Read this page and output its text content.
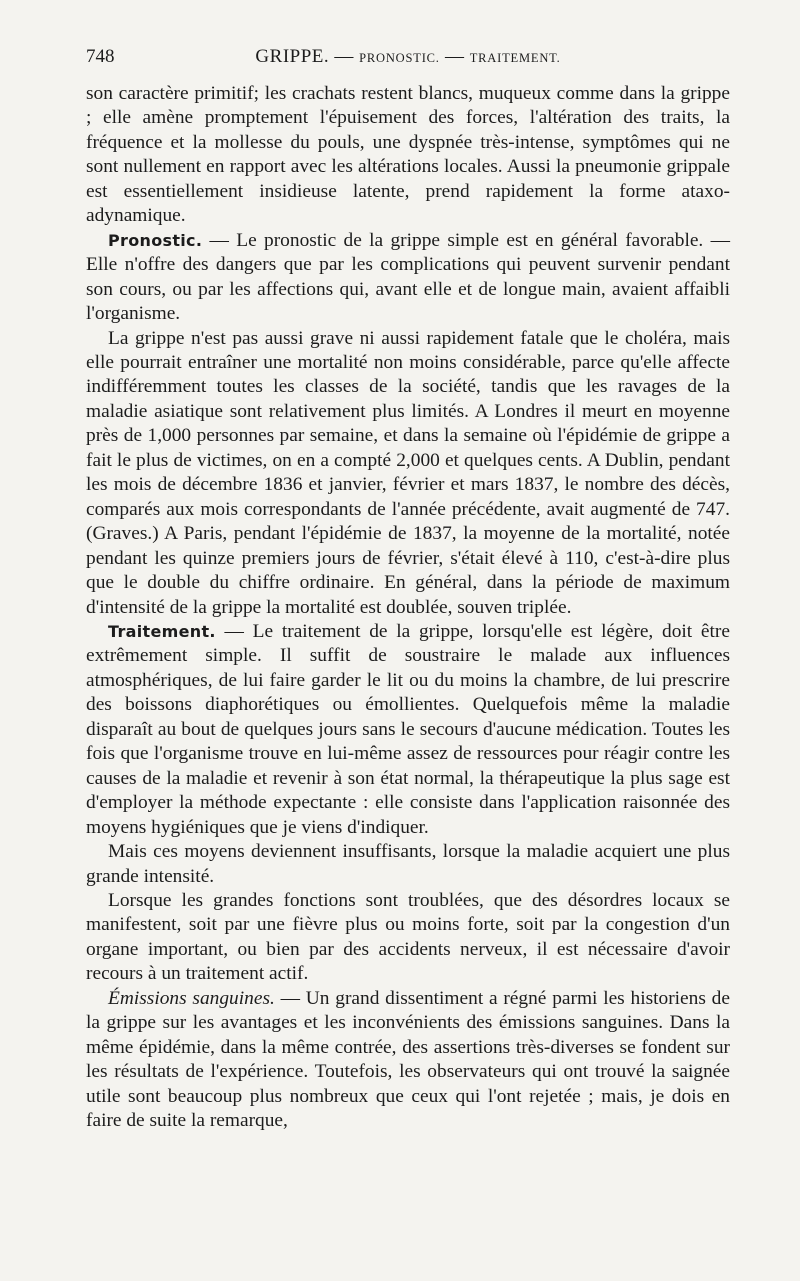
748	GRIPPE. — PRONOSTIC. — TRAITEMENT.

son caractère primitif; les crachats restent blancs, muqueux comme dans la grippe ; elle amène promptement l'épuisement des forces, l'altération des traits, la fréquence et la mollesse du pouls, une dyspnée très-intense, symptômes qui ne sont nullement en rapport avec les altérations locales. Aussi la pneumonie grippale est essentiellement insidieuse latente, prend rapidement la forme ataxo-adynamique.

Pronostic. — Le pronostic de la grippe simple est en général favorable. — Elle n'offre des dangers que par les complications qui peuvent survenir pendant son cours, ou par les affections qui, avant elle et de longue main, avaient affaibli l'organisme.

La grippe n'est pas aussi grave ni aussi rapidement fatale que le choléra, mais elle pourrait entraîner une mortalité non moins considérable, parce qu'elle affecte indifféremment toutes les classes de la société, tandis que les ravages de la maladie asiatique sont relativement plus limités. A Londres il meurt en moyenne près de 1,000 personnes par semaine, et dans la semaine où l'épidémie de grippe a fait le plus de victimes, on en a compté 2,000 et quelques cents. A Dublin, pendant les mois de décembre 1836 et janvier, février et mars 1837, le nombre des décès, comparés aux mois correspondants de l'année précédente, avait augmenté de 747. (Graves.) A Paris, pendant l'épidémie de 1837, la moyenne de la mortalité, notée pendant les quinze premiers jours de février, s'était élevé à 110, c'est-à-dire plus que le double du chiffre ordinaire. En général, dans la période de maximum d'intensité de la grippe la mortalité est doublée, souven triplée.

Traitement. — Le traitement de la grippe, lorsqu'elle est légère, doit être extrêmement simple. Il suffit de soustraire le malade aux influences atmosphériques, de lui faire garder le lit ou du moins la chambre, de lui prescrire des boissons diaphorétiques ou émollientes. Quelquefois même la maladie disparaît au bout de quelques jours sans le secours d'aucune médication. Toutes les fois que l'organisme trouve en lui-même assez de ressources pour réagir contre les causes de la maladie et revenir à son état normal, la thérapeutique la plus sage est d'employer la méthode expectante : elle consiste dans l'application raisonnée des moyens hygiéniques que je viens d'indiquer.

Mais ces moyens deviennent insuffisants, lorsque la maladie acquiert une plus grande intensité.

Lorsque les grandes fonctions sont troublées, que des désordres locaux se manifestent, soit par une fièvre plus ou moins forte, soit par la congestion d'un organe important, ou bien par des accidents nerveux, il est nécessaire d'avoir recours à un traitement actif.

Émissions sanguines. — Un grand dissentiment a régné parmi les historiens de la grippe sur les avantages et les inconvénients des émissions sanguines. Dans la même épidémie, dans la même contrée, des assertions très-diverses se fondent sur les résultats de l'expérience. Toutefois, les observateurs qui ont trouvé la saignée utile sont beaucoup plus nombreux que ceux qui l'ont rejetée ; mais, je dois en faire de suite la remarque,
